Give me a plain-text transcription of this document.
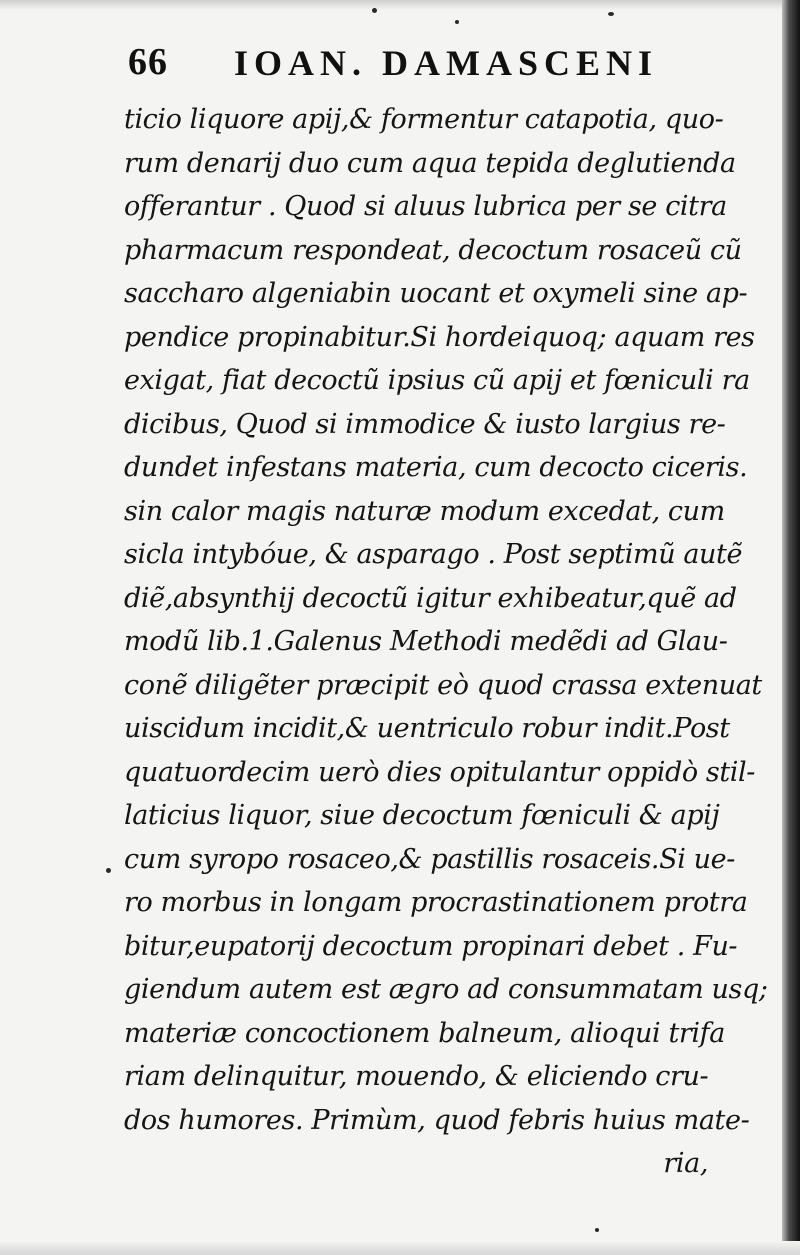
66 IOAN. DAMASCENI
ticio liquore apij,& formentur catapotia, quo-
rum denarij duo cum aqua tepida deglutienda
offerantur . Quod si aluus lubrica per se citra
pharmacum respondeat, decoctum rosaceũ cũ
saccharo algeniabin uocant et oxymeli sine ap-
pendice propinabitur.Si hordeiquoq; aquam res
exigat, fiat decoctũ ipsius cũ apij et fœniculi ra
dicibus, Quod si immodice & iusto largius re-
dundet infestans materia, cum decocto ciceris.
sin calor magis naturæ modum excedat, cum
sicla intybóue, & asparago . Post septimũ autẽ
diẽ,absynthij decoctũ igitur exhibeatur,quẽ ad
modũ lib.1.Galenus Methodi medẽdi ad Glau-
conẽ diligẽter præcipit eò quod crassa extenuat
uiscidum incidit,& uentriculo robur indit.Post
quatuordecim uerò dies opitulantur oppidò stil-
laticius liquor, siue decoctum fœniculi & apij
cum syropo rosaceo,& pastillis rosaceis.Si ue-
ro morbus in longam procrastinationem protra
bitur,eupatorij decoctum propinari debet . Fu-
giendum autem est ægro ad consummatam usq;
materiæ concoctionem balneum, alioqui trifa
riam delinquitur, mouendo, & eliciendo cru-
dos humores. Primùm, quod febris huius mate-
ria,
